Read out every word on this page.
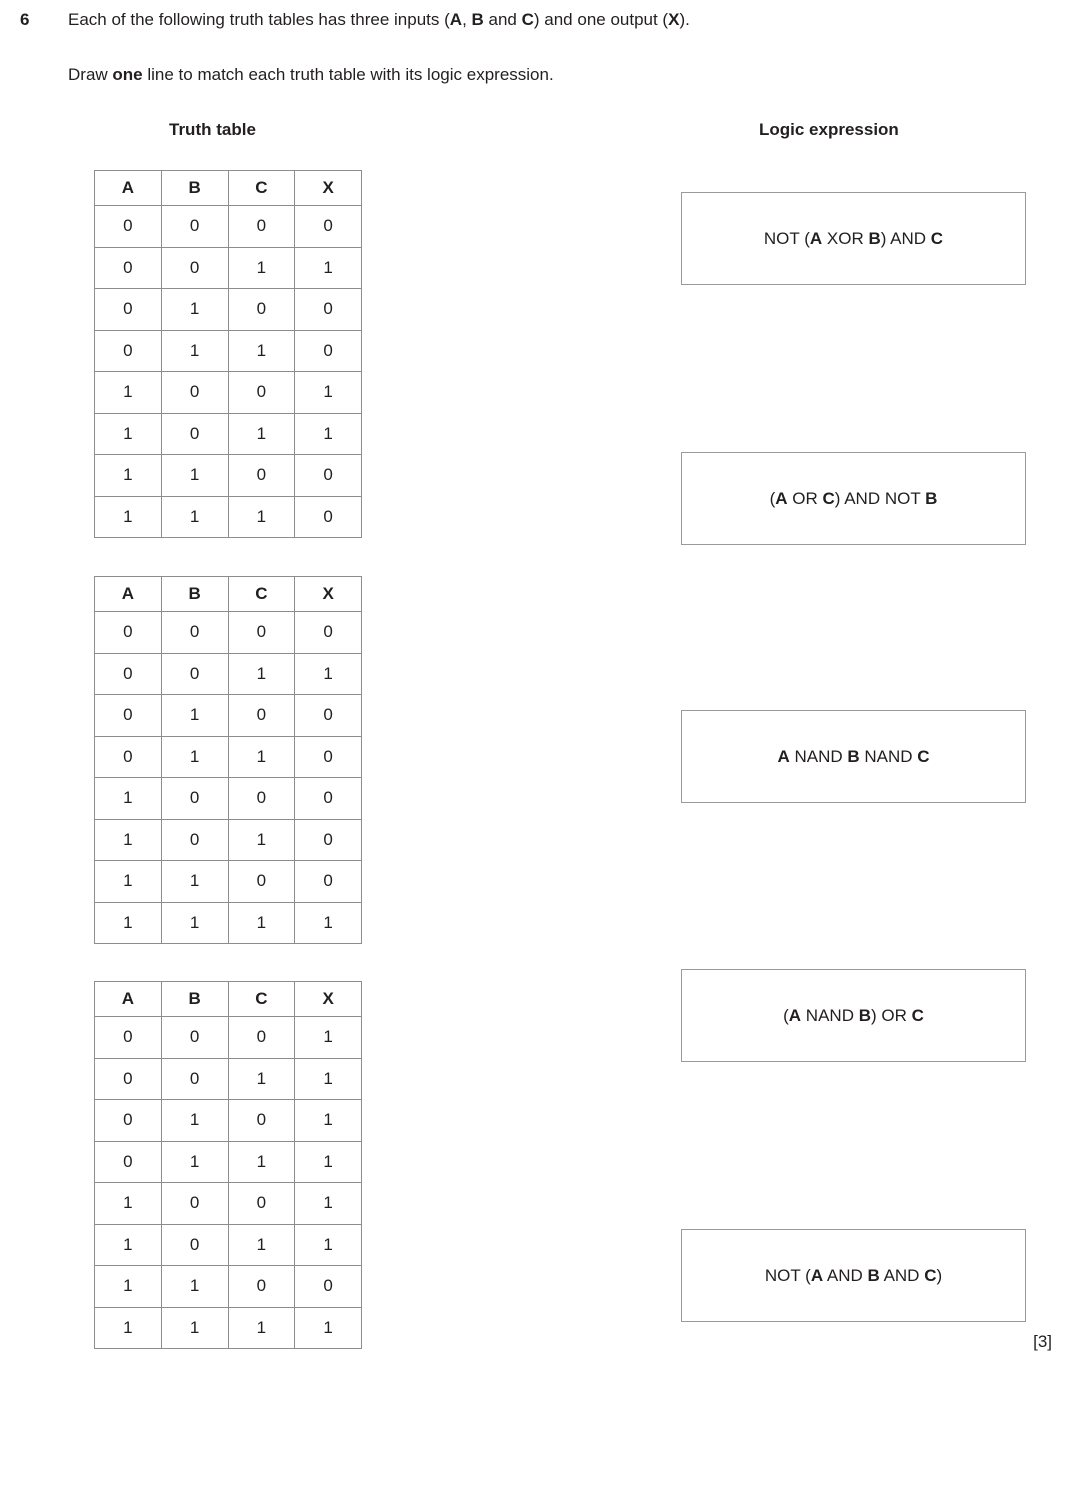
6 Each of the following truth tables has three inputs (A, B and C) and one output (X).
Draw one line to match each truth table with its logic expression.
Truth table	Logic expression
A	B	C	X
0	0	0	0
0	0	1	1
0	1	0	0
0	1	1	0
1	0	0	1
1	0	1	1
1	1	0	0
1	1	1	0
A	B	C	X
0	0	0	0
0	0	1	1
0	1	0	0
0	1	1	0
1	0	0	0
1	0	1	0
1	1	0	0
1	1	1	1
A	B	C	X
0	0	0	1
0	0	1	1
0	1	0	1
0	1	1	1
1	0	0	1
1	0	1	1
1	1	0	0
1	1	1	1
NOT (A XOR B) AND C
(A OR C) AND NOT B
A NAND B NAND C
(A NAND B) OR C
NOT (A AND B AND C)
[3]
